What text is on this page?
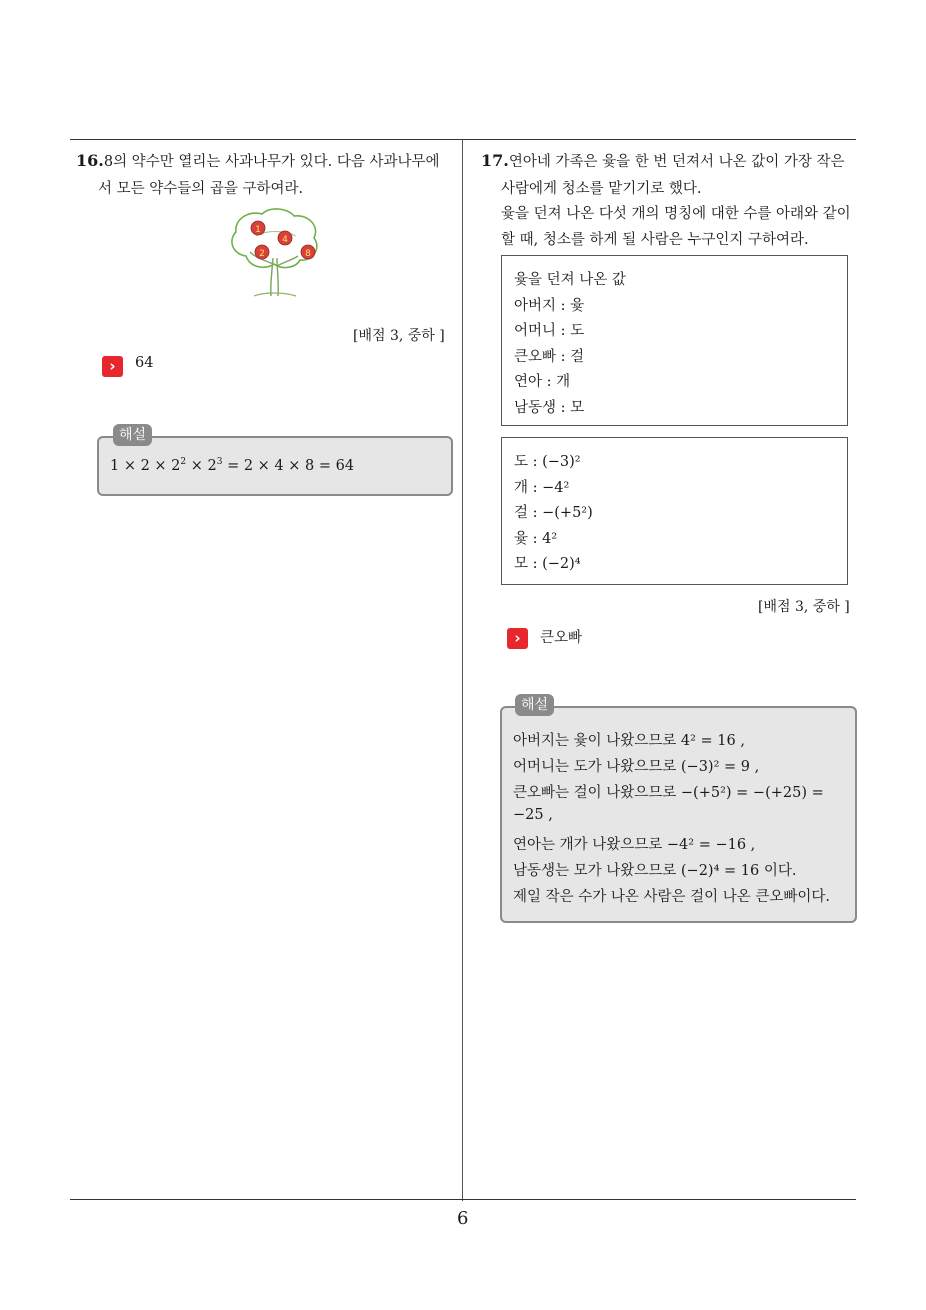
16.8의 약수만 열리는 사과나무가 있다. 다음 사과나무에
서 모든 약수들의 곱을 구하여라.
1
4
2	8
[배점 3, 중하 ]
›	64
해설
$1 \times 2 \times 2^2 \times 2^3 = 2 \times 4 \times 8 = 64$
17.연아네 가족은 윷을 한 번 던져서 나온 값이 가장 작은
사람에게 청소를 맡기기로 했다.
윷을 던져 나온 다섯 개의 명칭에 대한 수를 아래와 같이
할 때, 청소를 하게 될 사람은 누구인지 구하여라.
윷을 던져 나온 값
아버지 : 윷
어머니 : 도
큰오빠 : 걸
연아 : 개
남동생 : 모
도 : (−3)²
개 : −4²
걸 : −(+5²)
윷 : 4²
모 : (−2)⁴
[배점 3, 중하 ]
›	큰오빠
해설
아버지는 윷이 나왔으므로 4² = 16 ,
어머니는 도가 나왔으므로 (−3)² = 9 ,
큰오빠는 걸이 나왔으므로 −(+5²) = −(+25) =
−25 ,
연아는 개가 나왔으므로 −4² = −16 ,
남동생는 모가 나왔으므로 (−2)⁴ = 16 이다.
제일 작은 수가 나온 사람은 걸이 나온 큰오빠이다.
6
